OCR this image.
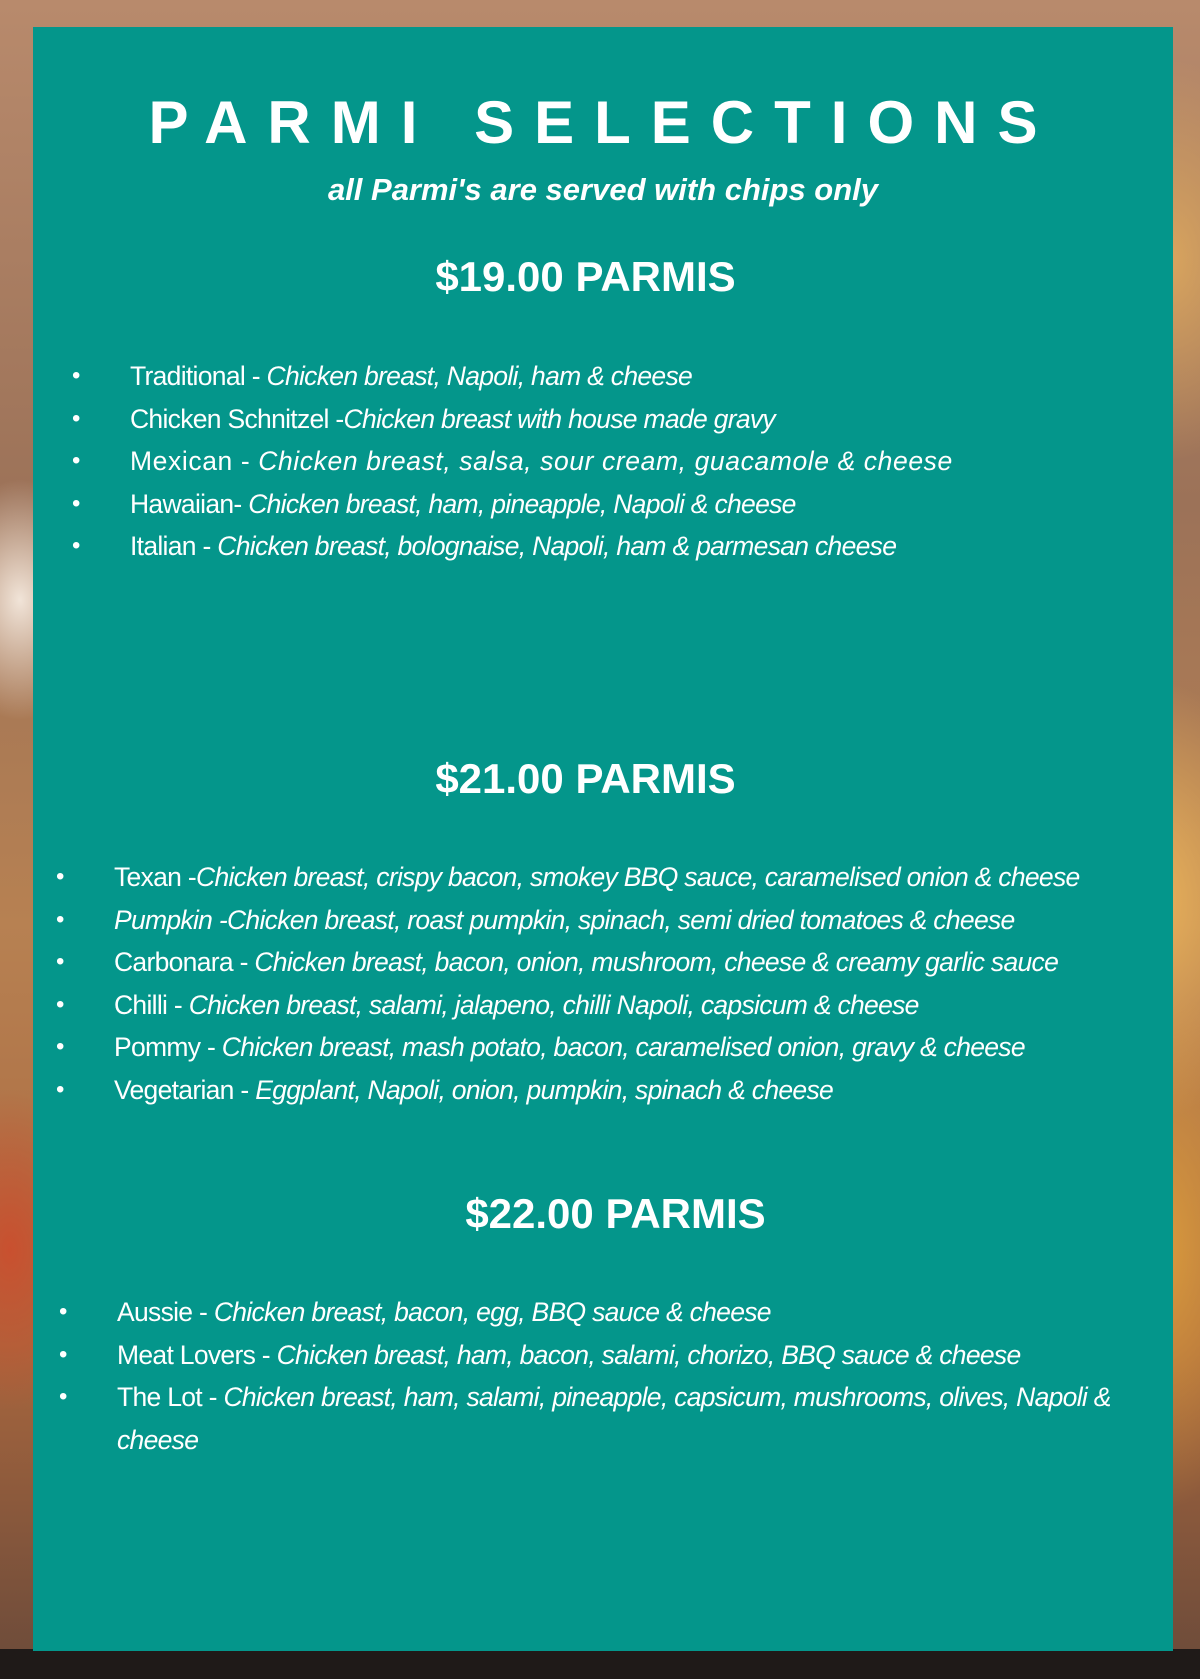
PARMI SELECTIONS

all Parmi's are served with chips only

$19.00 PARMIS
• Traditional - Chicken breast, Napoli, ham & cheese
• Chicken Schnitzel -Chicken breast with house made gravy
• Mexican - Chicken breast, salsa, sour cream, guacamole & cheese
• Hawaiian- Chicken breast, ham, pineapple, Napoli & cheese
• Italian - Chicken breast, bolognaise, Napoli, ham & parmesan cheese
$21.00 PARMIS
• Texan -Chicken breast, crispy bacon, smokey BBQ sauce, caramelised onion & cheese
• Pumpkin -Chicken breast, roast pumpkin, spinach, semi dried tomatoes & cheese
• Carbonara - Chicken breast, bacon, onion, mushroom, cheese & creamy garlic sauce
• Chilli - Chicken breast, salami, jalapeno, chilli Napoli, capsicum & cheese
• Pommy - Chicken breast, mash potato, bacon, caramelised onion, gravy & cheese
• Vegetarian - Eggplant, Napoli, onion, pumpkin, spinach & cheese
$22.00 PARMIS
• Aussie - Chicken breast, bacon, egg, BBQ sauce & cheese
• Meat Lovers - Chicken breast, ham, bacon, salami, chorizo, BBQ sauce & cheese
• The Lot - Chicken breast, ham, salami, pineapple, capsicum, mushrooms, olives, Napoli & cheese
